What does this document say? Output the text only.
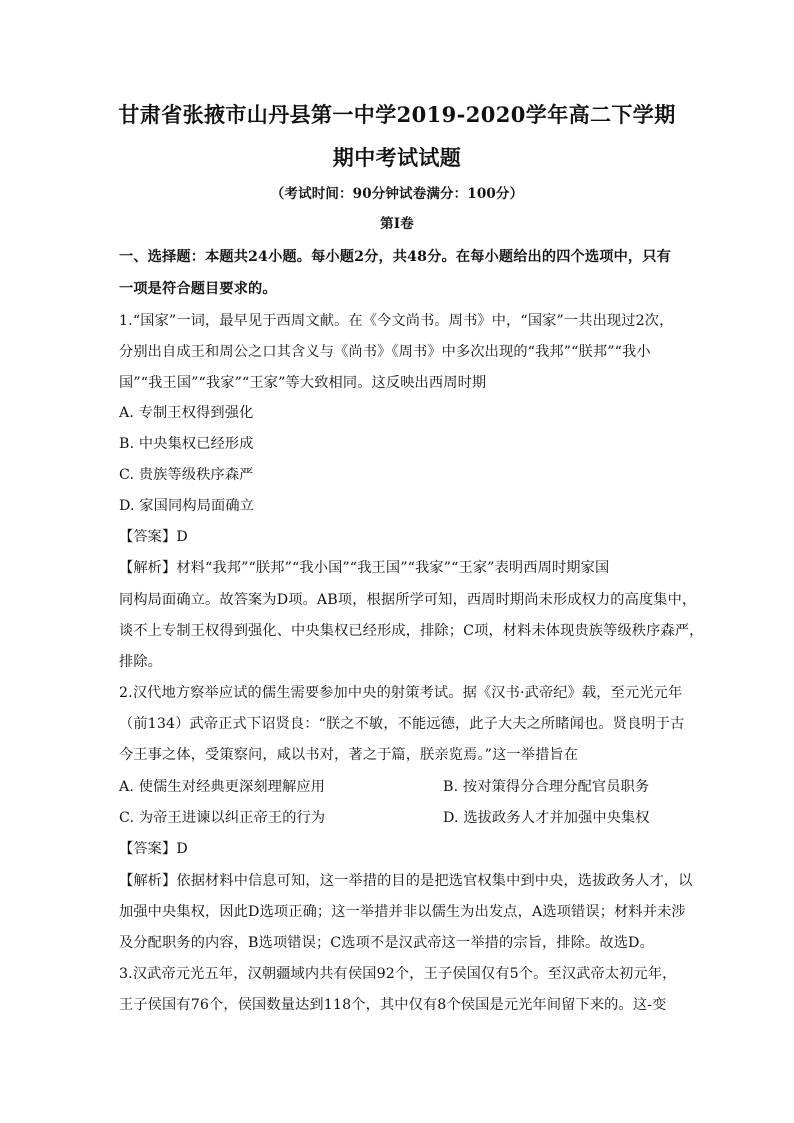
甘肃省张掖市山丹县第一中学2019-2020学年高二下学期
期中考试试题
（考试时间：90分钟试卷满分：100分）
第Ⅰ卷
一、选择题：本题共24小题。每小题2分，共48分。在每小题给出的四个选项中，只有
一项是符合题目要求的。
1.“国家”一词，最早见于西周文献。在《今文尚书。周书》中，“国家”一共出现过2次，
分别出自成王和周公之口其含义与《尚书》《周书》中多次出现的“我邦”“朕邦”“我小
国”“我王国”“我家”“王家”等大致相同。这反映出西周时期
A. 专制王权得到强化
B. 中央集权已经形成
C. 贵族等级秩序森严
D. 家国同构局面确立
【答案】D
【解析】材料“我邦”“朕邦”“我小国”“我王国”“我家”“王家”表明西周时期家国
同构局面确立。故答案为D项。AB项，根据所学可知，西周时期尚未形成权力的高度集中，
谈不上专制王权得到强化、中央集权已经形成，排除；C项，材料未体现贵族等级秩序森严，
排除。
2.汉代地方察举应试的儒生需要参加中央的射策考试。据《汉书·武帝纪》载，至元光元年
（前134）武帝正式下诏贤良：“朕之不敏，不能远德，此子大夫之所睹闻也。贤良明于古
今王事之体，受策察问，咸以书对，著之于篇，朕亲览焉。”这一举措旨在
A. 使儒生对经典更深刻理解应用	B. 按对策得分合理分配官员职务
C. 为帝王进谏以纠正帝王的行为	D. 选拔政务人才并加强中央集权
【答案】D
【解析】依据材料中信息可知，这一举措的目的是把选官权集中到中央，选拔政务人才，以
加强中央集权，因此D选项正确；这一举措并非以儒生为出发点，A选项错误；材料并未涉
及分配职务的内容，B选项错误；C选项不是汉武帝这一举措的宗旨，排除。故选D。
3.汉武帝元光五年，汉朝疆域内共有侯国92个，王子侯国仅有5个。至汉武帝太初元年，
王子侯国有76个，侯国数量达到118个，其中仅有8个侯国是元光年间留下来的。这-变
